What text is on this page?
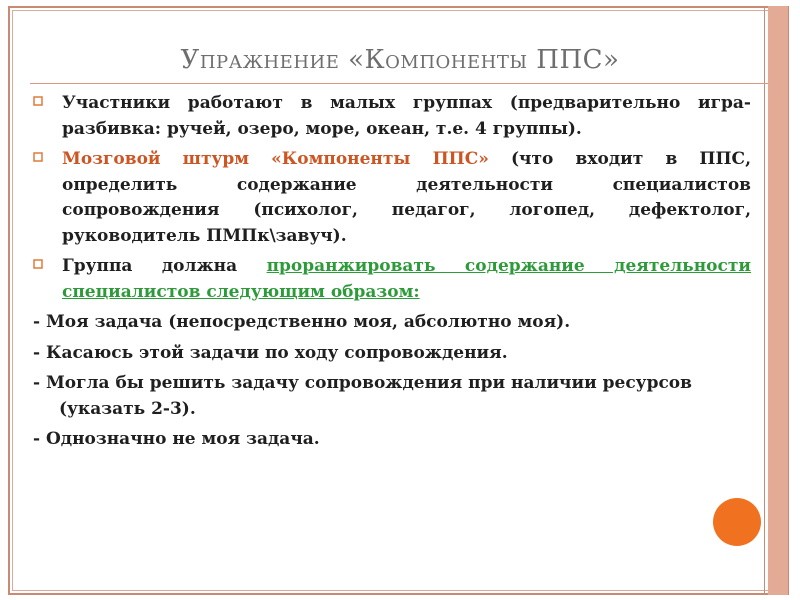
Упражнение «Компоненты ППС»
Участники работают в малых группах (предварительно игра-разбивка: ручей, озеро, море, океан, т.е. 4 группы).
Мозговой штурм «Компоненты ППС» (что входит в ППС, определить содержание деятельности специалистов сопровождения (психолог, педагог, логопед, дефектолог, руководитель ПМПк\завуч).
Группа должна проранжировать содержание деятельности специалистов следующим образом:
- Моя задача (непосредственно моя, абсолютно моя).
- Касаюсь этой задачи по ходу сопровождения.
- Могла бы решить задачу сопровождения при наличии ресурсов (указать 2-3).
- Однозначно не моя задача.
